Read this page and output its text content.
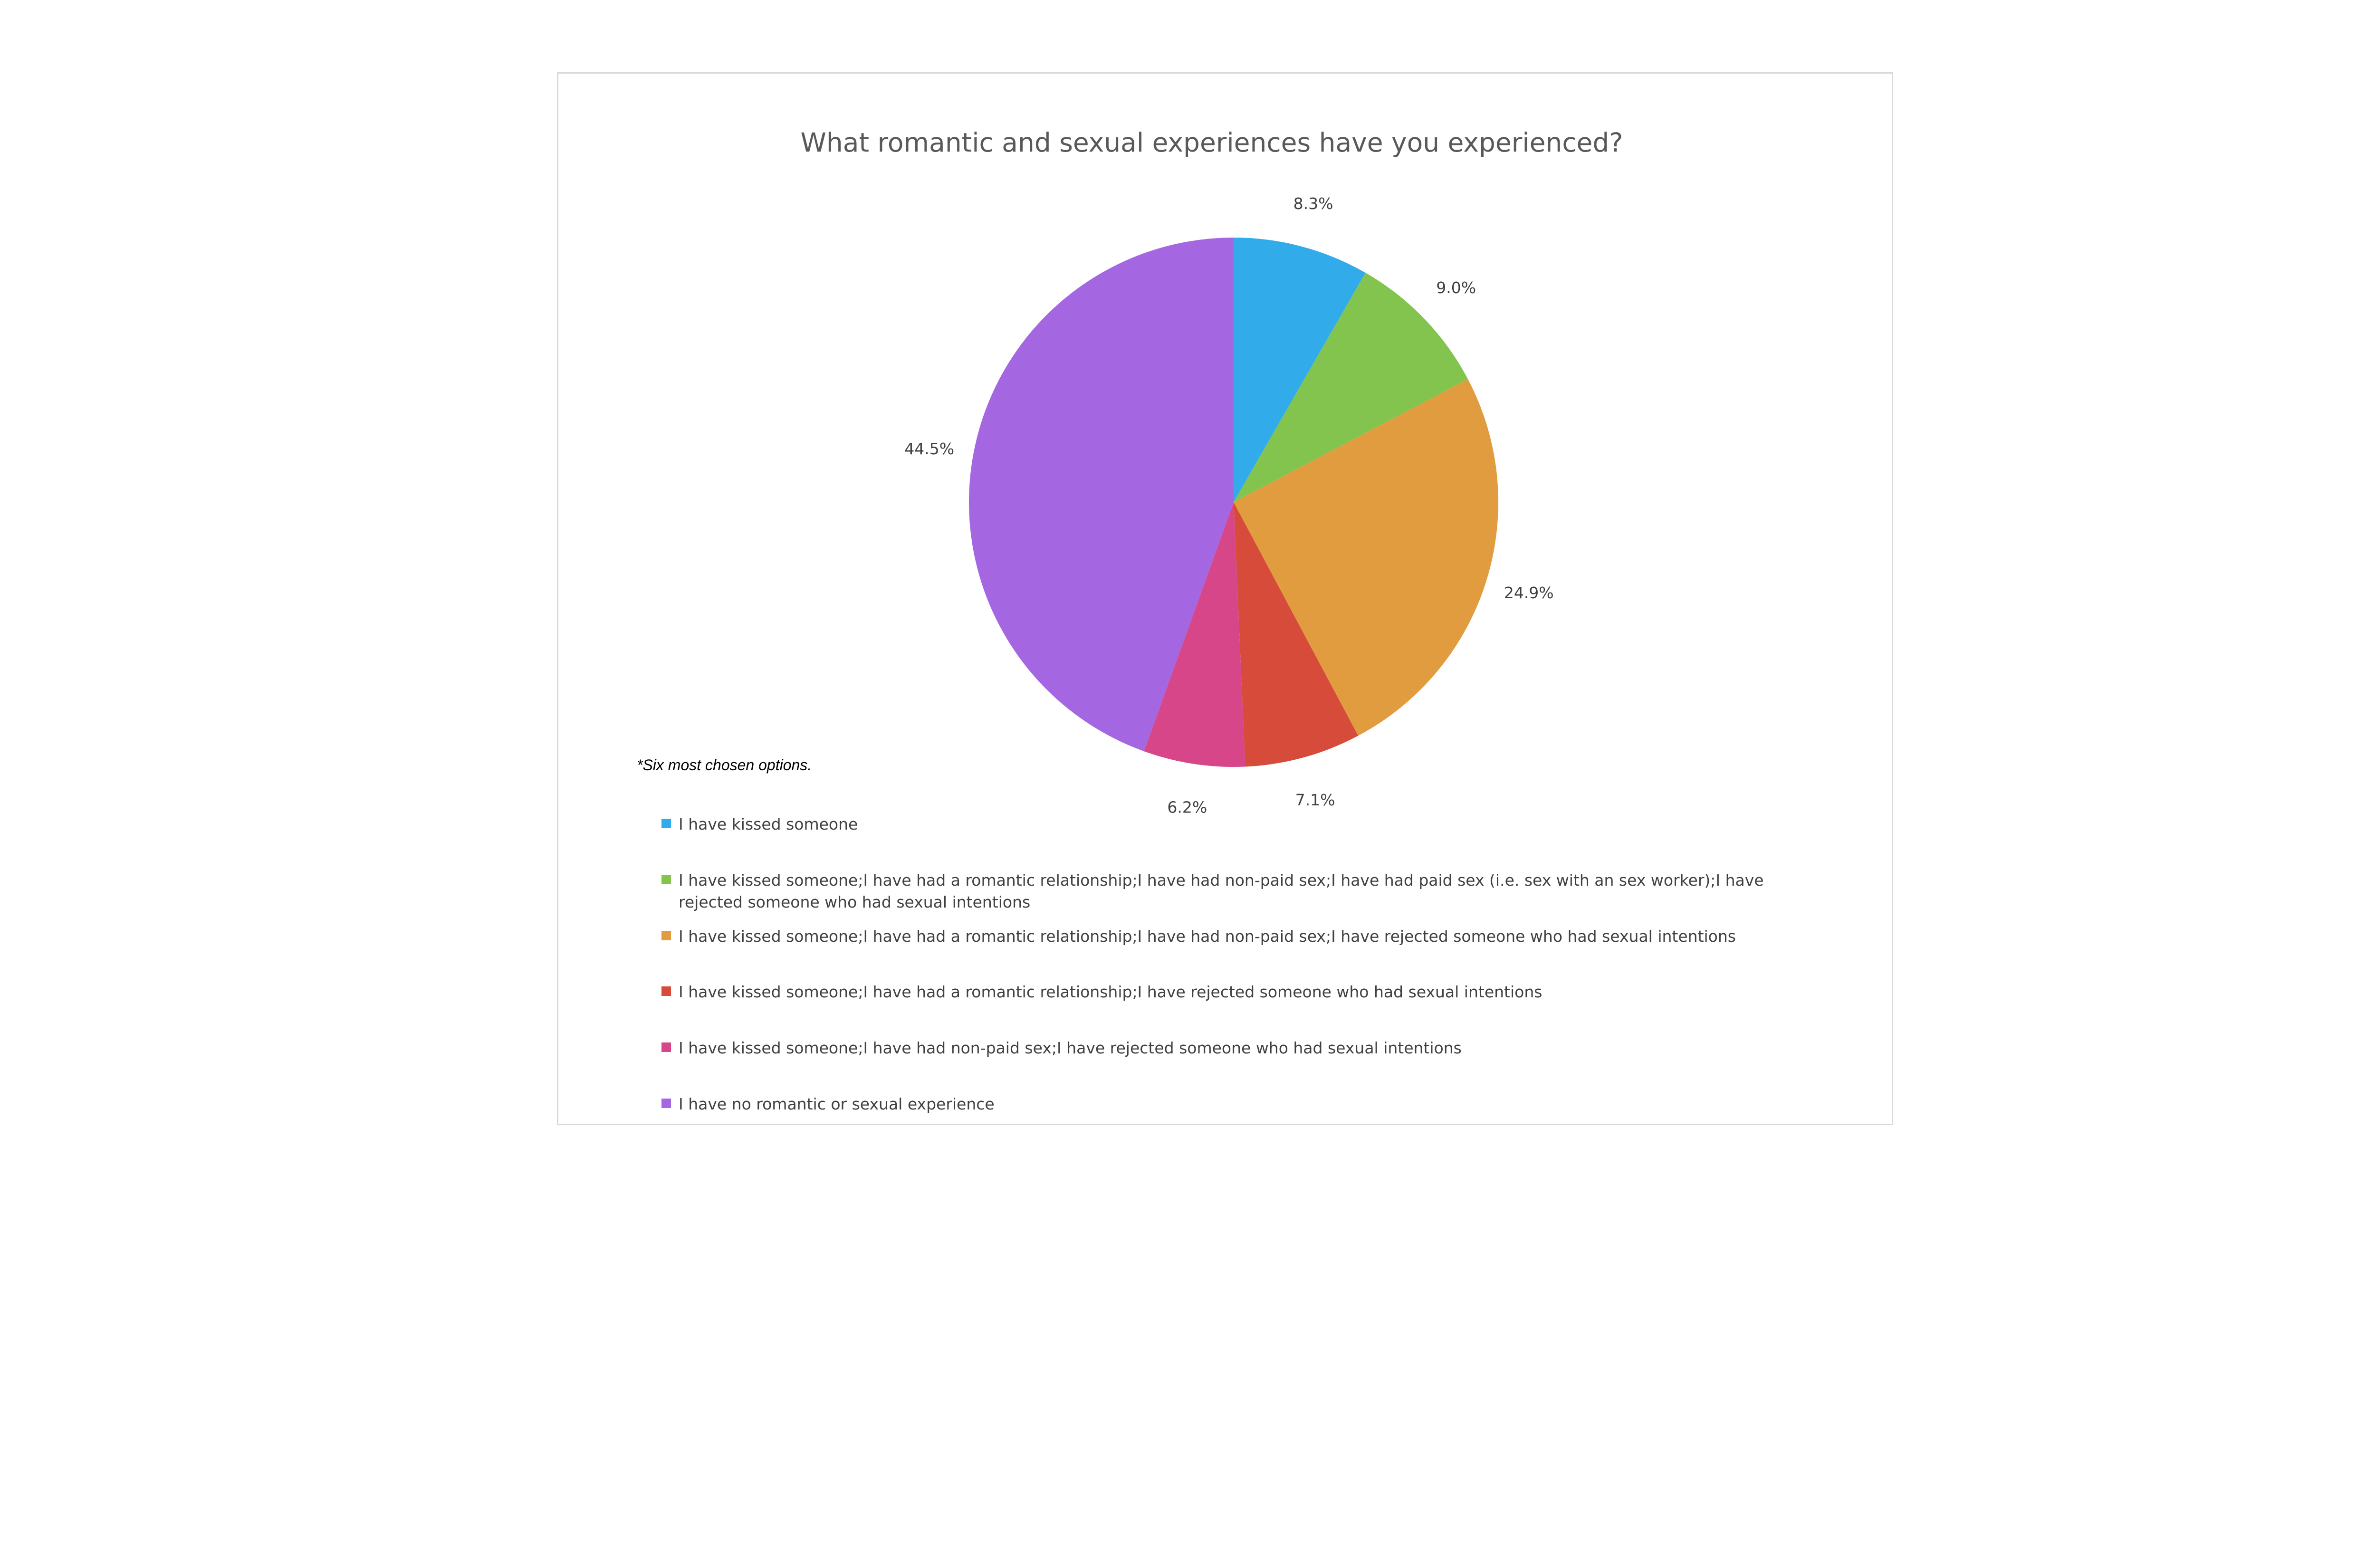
What romantic and sexual experiences have you experienced?
8.3%
9.0%
24.9%
7.1%
6.2%
44.5%
*Six most chosen options.
I have kissed someone
I have kissed someone;I have had a romantic relationship;I have had non-paid sex;I have had paid sex (i.e. sex with an sex worker);I have rejected someone who had sexual intentions
I have kissed someone;I have had a romantic relationship;I have had non-paid sex;I have rejected someone who had sexual intentions
I have kissed someone;I have had a romantic relationship;I have rejected someone who had sexual intentions
I have kissed someone;I have had non-paid sex;I have rejected someone who had sexual intentions
I have no romantic or sexual experience
